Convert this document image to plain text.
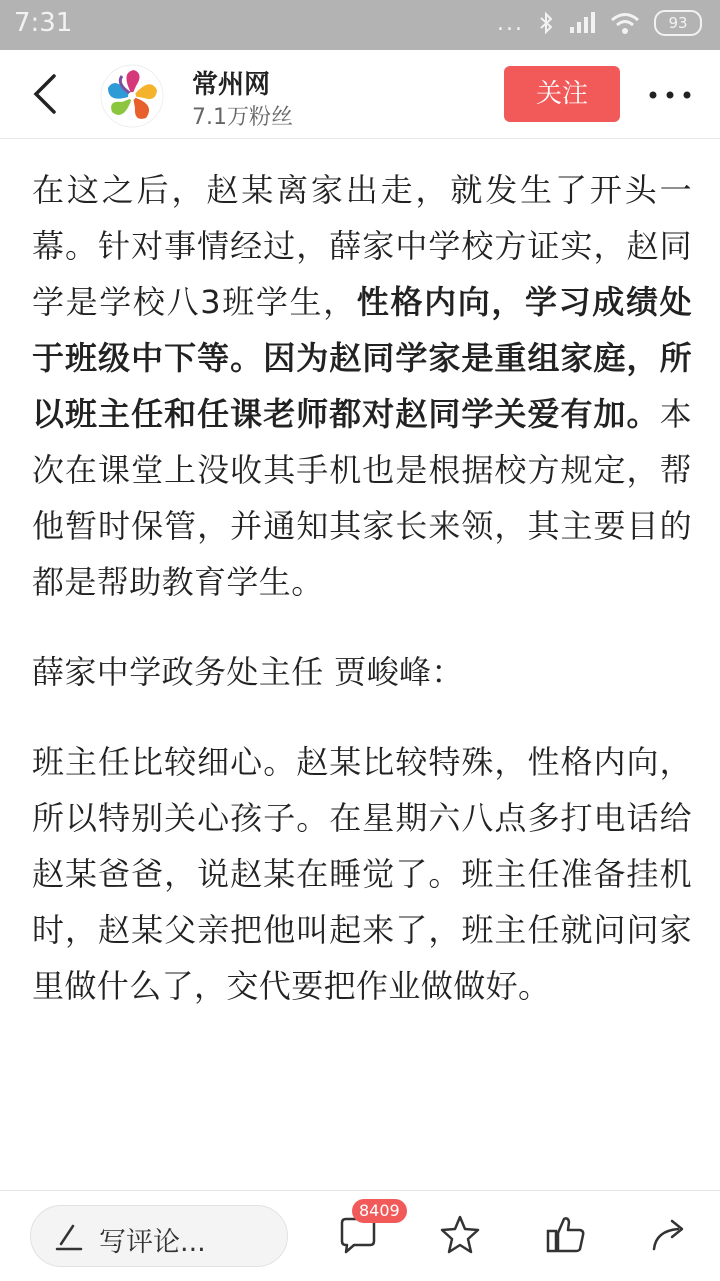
7:31	...	93
常州网
7.1万粉丝
关注

在这之后，赵某离家出走，就发生了开头一幕。针对事情经过，薛家中学校方证实，赵同学是学校八3班学生，性格内向，学习成绩处于班级中下等。因为赵同学家是重组家庭，所以班主任和任课老师都对赵同学关爱有加。本次在课堂上没收其手机也是根据校方规定，帮他暂时保管，并通知其家长来领，其主要目的都是帮助教育学生。

薛家中学政务处主任 贾峻峰：

班主任比较细心。赵某比较特殊，性格内向，所以特别关心孩子。在星期六八点多打电话给赵某爸爸，说赵某在睡觉了。班主任准备挂机时，赵某父亲把他叫起来了，班主任就问问家里做什么了，交代要把作业做做好。

写评论...
8409
